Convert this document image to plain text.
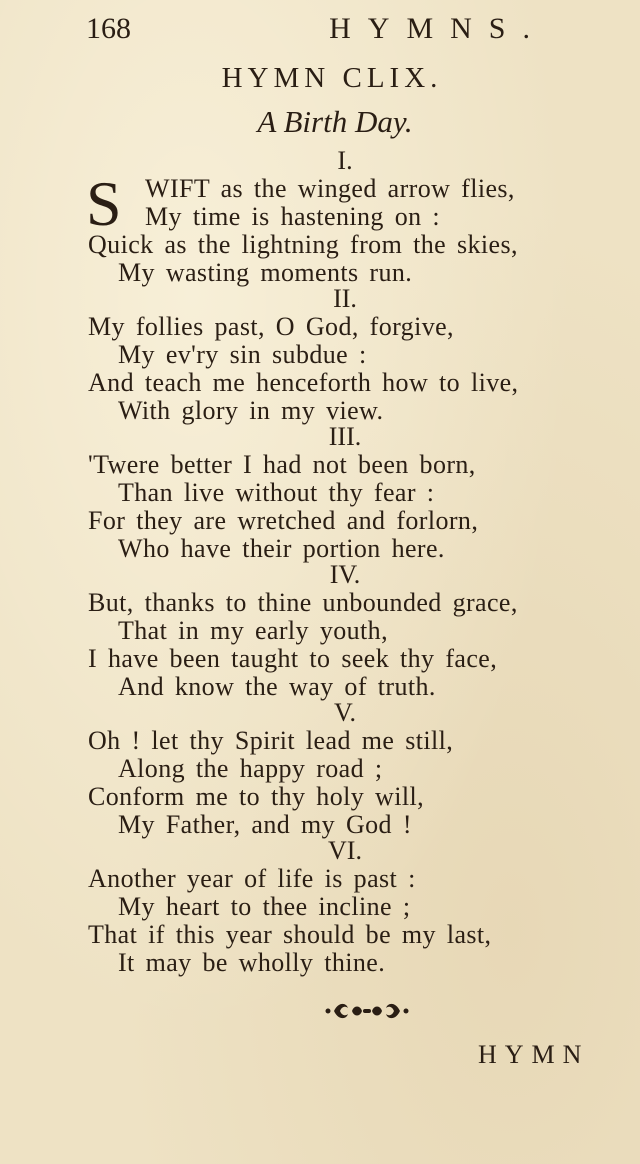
168	HYMNS.
HYMN CLIX.
A Birth Day.
I.
S WIFT as the winged arrow flies,
My time is hastening on :
Quick as the lightning from the skies,
My wasting moments run.
II.
My follies past, O God, forgive,
My ev'ry sin subdue :
And teach me henceforth how to live,
With glory in my view.
III.
'Twere better I had not been born,
Than live without thy fear :
For they are wretched and forlorn,
Who have their portion here.
IV.
But, thanks to thine unbounded grace,
That in my early youth,
I have been taught to seek thy face,
And know the way of truth.
V.
Oh ! let thy Spirit lead me still,
Along the happy road ;
Conform me to thy holy will,
My Father, and my God !
VI.
Another year of life is past :
My heart to thee incline ;
That if this year should be my last,
It may be wholly thine.
HYMN
